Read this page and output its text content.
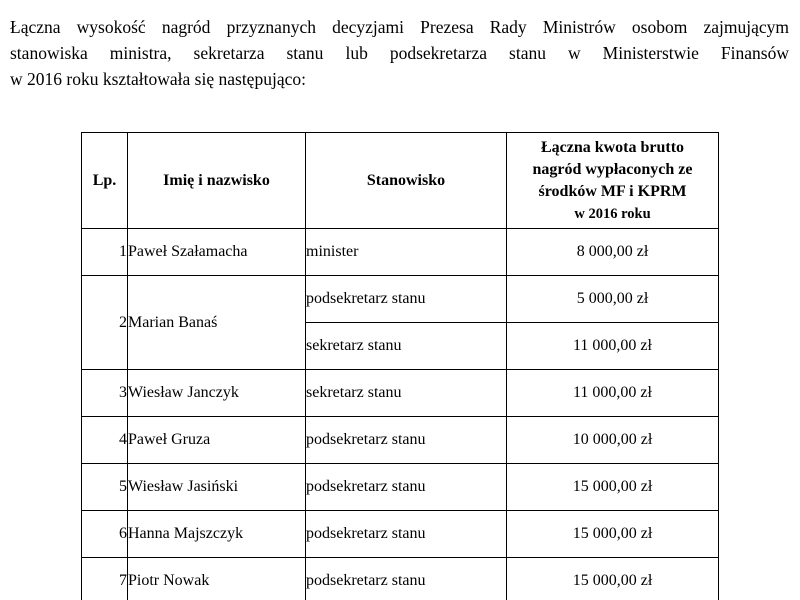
Łączna wysokość nagród przyznanych decyzjami Prezesa Rady Ministrów osobom zajmującym
stanowiska ministra, sekretarza stanu lub podsekretarza stanu w Ministerstwie Finansów
w 2016 roku kształtowała się następująco:

Lp.	Imię i nazwisko	Stanowisko	Łączna kwota brutto
nagród wypłaconych ze
środków MF i KPRM
w 2016 roku

1	Paweł Szałamacha	minister	8 000,00 zł
2	Marian Banaś	podsekretarz stanu	5 000,00 zł
		sekretarz stanu	11 000,00 zł
3	Wiesław Janczyk	sekretarz stanu	11 000,00 zł
4	Paweł Gruza	podsekretarz stanu	10 000,00 zł
5	Wiesław Jasiński	podsekretarz stanu	15 000,00 zł
6	Hanna Majszczyk	podsekretarz stanu	15 000,00 zł
7	Piotr Nowak	podsekretarz stanu	15 000,00 zł
